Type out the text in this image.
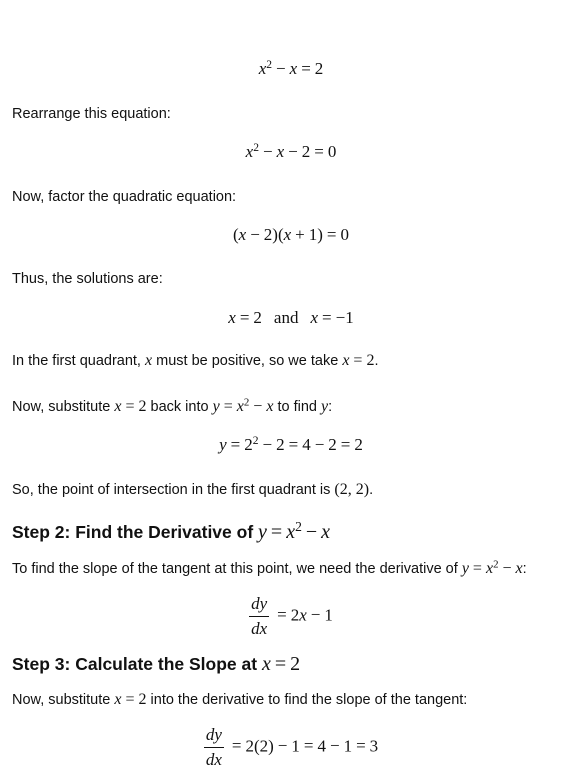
$x^2 - x = 2$
Rearrange this equation:
$x^2 - x - 2 = 0$
Now, factor the quadratic equation:
(x − 2)(x + 1) = 0
Thus, the solutions are:
x = 2 and x = −1
In the first quadrant, x must be positive, so we take x = 2.
Now, substitute x = 2 back into $y = x^2 - x$ to find y:
$y = 2^2 - 2 = 4 - 2 = 2$
So, the point of intersection in the first quadrant is (2, 2).
Step 2: Find the Derivative of $y = x^2 - x$
To find the slope of the tangent at this point, we need the derivative of $y = x^2 - x$:
$\frac{dy}{dx} = 2x - 1$
Step 3: Calculate the Slope at x = 2
Now, substitute x = 2 into the derivative to find the slope of the tangent:
$\frac{dy}{dx} = 2(2) - 1 = 4 - 1 = 3$
